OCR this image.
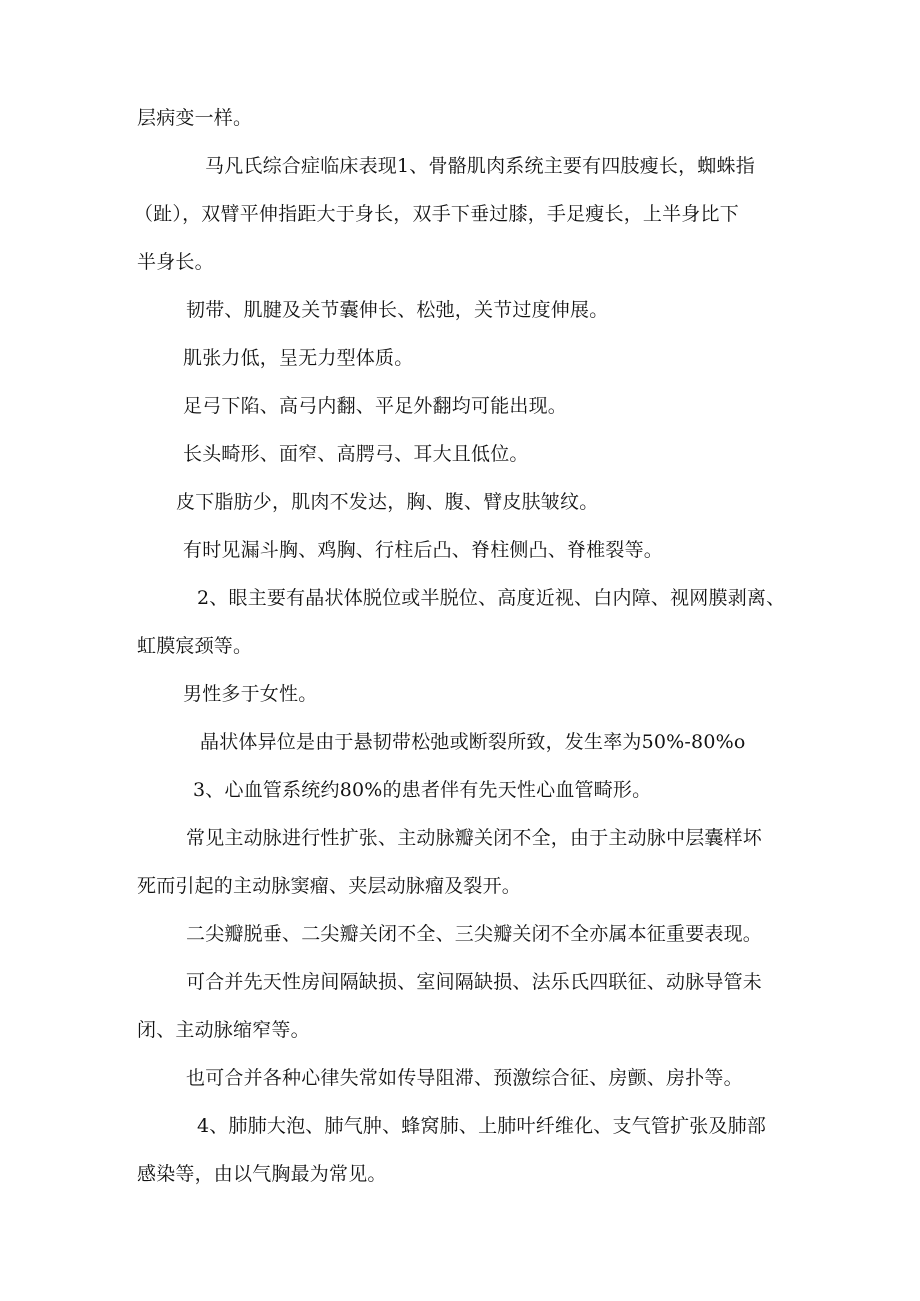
层病变一样。
马凡氏综合症临床表现1、骨骼肌肉系统主要有四肢瘦长，蜘蛛指
（趾），双臂平伸指距大于身长，双手下垂过膝，手足瘦长，上半身比下
半身长。
韧带、肌腱及关节囊伸长、松弛，关节过度伸展。
肌张力低，呈无力型体质。
足弓下陷、高弓内翻、平足外翻均可能出现。
长头畸形、面窄、高腭弓、耳大且低位。
皮下脂肪少，肌肉不发达，胸、腹、臂皮肤皱纹。
有时见漏斗胸、鸡胸、行柱后凸、脊柱侧凸、脊椎裂等。
2、眼主要有晶状体脱位或半脱位、高度近视、白内障、视网膜剥离、
虹膜宸颈等。
男性多于女性。
晶状体异位是由于悬韧带松弛或断裂所致，发生率为50%-80%o
3、心血管系统约80%的患者伴有先天性心血管畸形。
常见主动脉进行性扩张、主动脉瓣关闭不全，由于主动脉中层囊样坏
死而引起的主动脉窦瘤、夹层动脉瘤及裂开。
二尖瓣脱垂、二尖瓣关闭不全、三尖瓣关闭不全亦属本征重要表现。
可合并先天性房间隔缺损、室间隔缺损、法乐氏四联征、动脉导管未
闭、主动脉缩窄等。
也可合并各种心律失常如传导阻滞、预激综合征、房颤、房扑等。
4、肺肺大泡、肺气肿、蜂窝肺、上肺叶纤维化、支气管扩张及肺部
感染等，由以气胸最为常见。
